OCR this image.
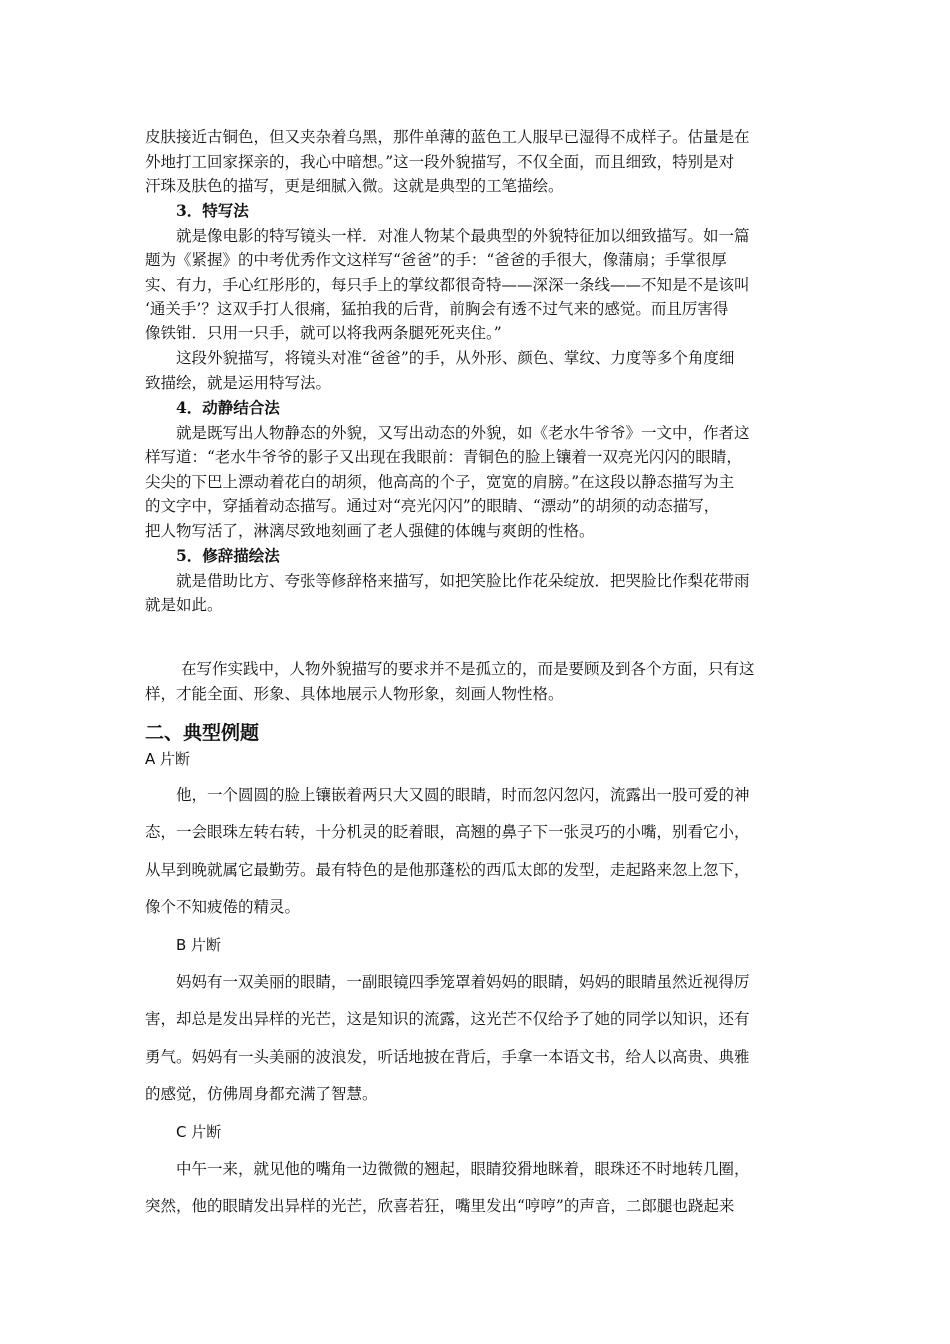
皮肤接近古铜色，但又夹杂着乌黑，那件单薄的蓝色工人服早已湿得不成样子。估量是在
外地打工回家探亲的，我心中暗想。”这一段外貌描写，不仅全面，而且细致，特别是对
汗珠及肤色的描写，更是细腻入微。这就是典型的工笔描绘。
3．特写法
就是像电影的特写镜头一样．对准人物某个最典型的外貌特征加以细致描写。如一篇
题为《紧握》的中考优秀作文这样写“爸爸”的手：“爸爸的手很大，像蒲扇；手掌很厚
实、有力，手心红彤彤的，每只手上的掌纹都很奇特——深深一条线——不知是不是该叫
‘通关手’？这双手打人很痛，猛拍我的后背，前胸会有透不过气来的感觉。而且厉害得
像铁钳．只用一只手，就可以将我两条腿死死夹住。”
这段外貌描写，将镜头对准“爸爸”的手，从外形、颜色、掌纹、力度等多个角度细
致描绘，就是运用特写法。
4．动静结合法
就是既写出人物静态的外貌，又写出动态的外貌，如《老水牛爷爷》一文中，作者这
样写道：“老水牛爷爷的影子又出现在我眼前：青铜色的脸上镶着一双亮光闪闪的眼睛，
尖尖的下巴上漂动着花白的胡须，他高高的个子，宽宽的肩膀。”在这段以静态描写为主
的文字中，穿插着动态描写。通过对“亮光闪闪”的眼睛、“漂动”的胡须的动态描写，
把人物写活了，淋漓尽致地刻画了老人强健的体魄与爽朗的性格。
5．修辞描绘法
就是借助比方、夸张等修辞格来描写，如把笑脸比作花朵绽放．把哭脸比作梨花带雨
就是如此。
在写作实践中，人物外貌描写的要求并不是孤立的，而是要顾及到各个方面，只有这
样，才能全面、形象、具体地展示人物形象，刻画人物性格。
二、典型例题
A 片断
他，一个圆圆的脸上镶嵌着两只大又圆的眼睛，时而忽闪忽闪，流露出一股可爱的神
态，一会眼珠左转右转，十分机灵的眨着眼，高翘的鼻子下一张灵巧的小嘴，别看它小，
从早到晚就属它最勤劳。最有特色的是他那蓬松的西瓜太郎的发型，走起路来忽上忽下，
像个不知疲倦的精灵。
B 片断
妈妈有一双美丽的眼睛，一副眼镜四季笼罩着妈妈的眼睛，妈妈的眼睛虽然近视得厉
害，却总是发出异样的光芒，这是知识的流露，这光芒不仅给予了她的同学以知识，还有
勇气。妈妈有一头美丽的波浪发，听话地披在背后，手拿一本语文书，给人以高贵、典雅
的感觉，仿佛周身都充满了智慧。
C 片断
中午一来，就见他的嘴角一边微微的翘起，眼睛狡猾地眯着，眼珠还不时地转几圈，
突然，他的眼睛发出异样的光芒，欣喜若狂，嘴里发出“哼哼”的声音，二郎腿也跷起来
